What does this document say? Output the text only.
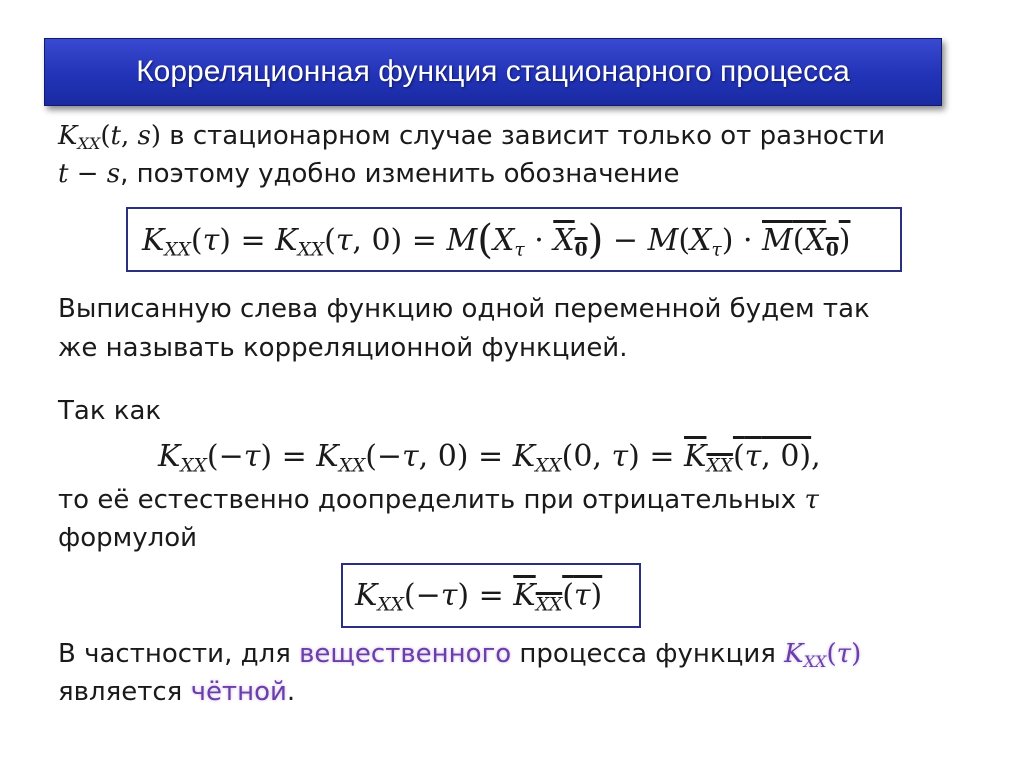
Корреляционная функция стационарного процесса
$K_{XX}(t$, s) в стационарном случае зависит только от разности
t − s, поэтому удобно изменить обозначение
$K_{XX}(\tau) = K_{XX}(\tau$, $0) = M(X_\tau \cdot X_0) - M(X_\tau) \cdot M(X_0)$
Выписанную слева функцию одной переменной будем так
же называть корреляционной функцией.
Так как
$K_{XX}(-\tau) = K_{XX}(-\tau$, $0) = K_{XX}(0$, $\tau) = K_{XX}(\tau$, 0),
то её естественно доопределить при отрицательных τ
формулой
$K_{XX}(-\tau) = K_{XX}(\tau)$
В частности, для вещественного процесса функция $K_{XX}(\tau)$
является чётной.
